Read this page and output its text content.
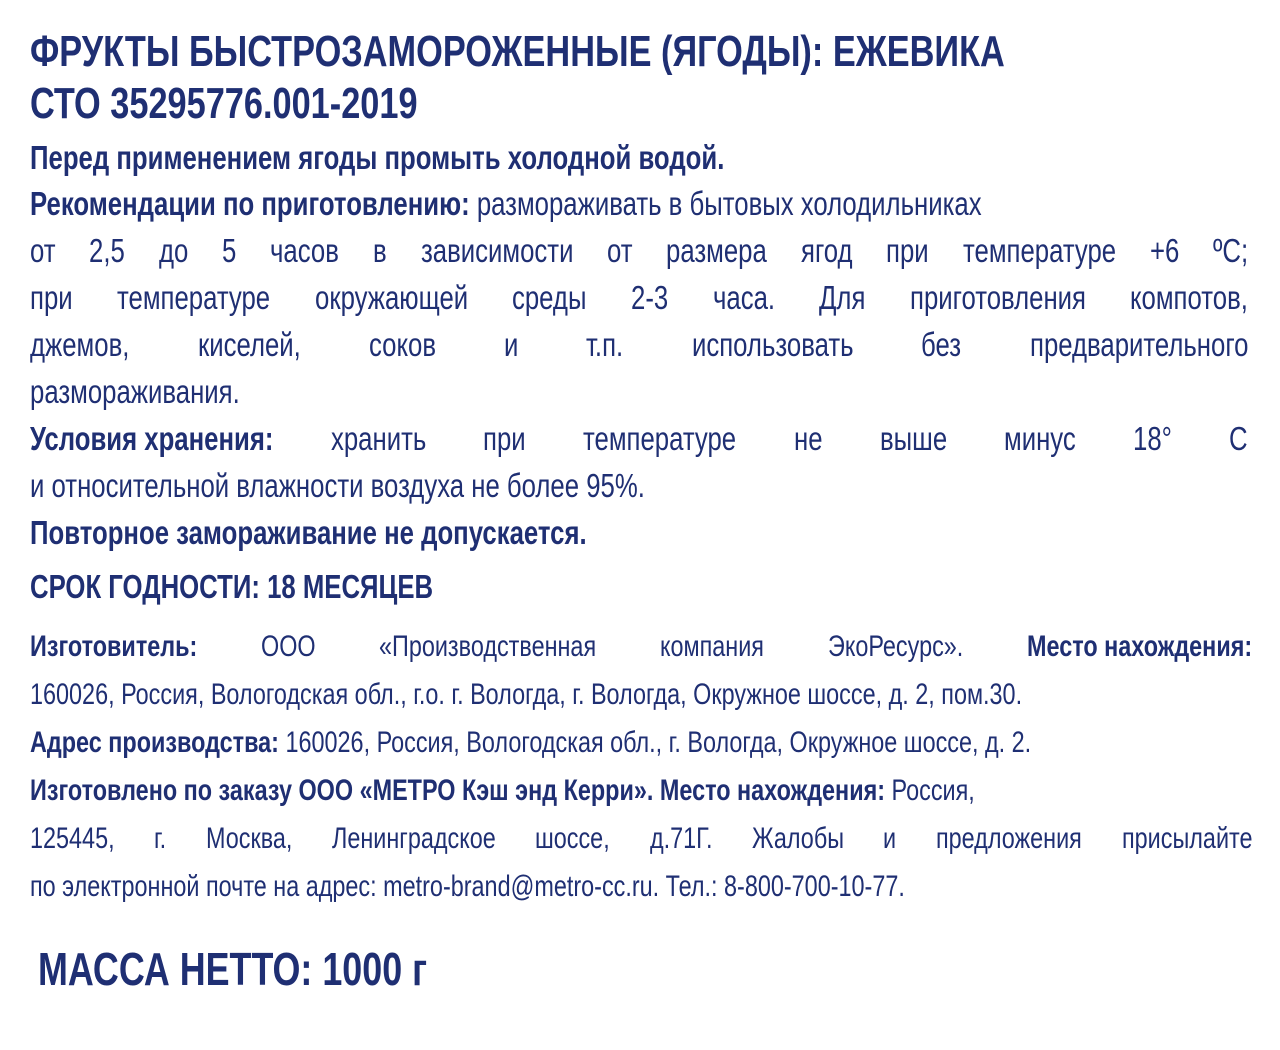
ФРУКТЫ БЫСТРОЗАМОРОЖЕННЫЕ (ЯГОДЫ): ЕЖЕВИКА
СТО 35295776.001-2019
Перед применением ягоды промыть холодной водой.
Рекомендации по приготовлению: размораживать в бытовых холодильниках
от 2,5 до 5 часов в зависимости от размера ягод при температуре +6 ºC;
при температуре окружающей среды 2-3 часа. Для приготовления компотов,
джемов, киселей, соков и т.п. использовать без предварительного
размораживания.
Условия хранения: хранить при температуре не выше минус 18° С
и относительной влажности воздуха не более 95%.
Повторное замораживание не допускается.
СРОК ГОДНОСТИ: 18 МЕСЯЦЕВ
Изготовитель: ООО «Производственная компания ЭкоРесурс». Место нахождения:
160026, Россия, Вологодская обл., г.о. г. Вологда, г. Вологда, Окружное шоссе, д. 2, пом.30.
Адрес производства: 160026, Россия, Вологодская обл., г. Вологда, Окружное шоссе, д. 2.
Изготовлено по заказу ООО «МЕТРО Кэш энд Керри». Место нахождения: Россия,
125445, г. Москва, Ленинградское шоссе, д.71Г. Жалобы и предложения присылайте
по электронной почте на адрес: metro-brand@metro-cc.ru. Тел.: 8-800-700-10-77.
МАССА НЕТТО: 1000 г
